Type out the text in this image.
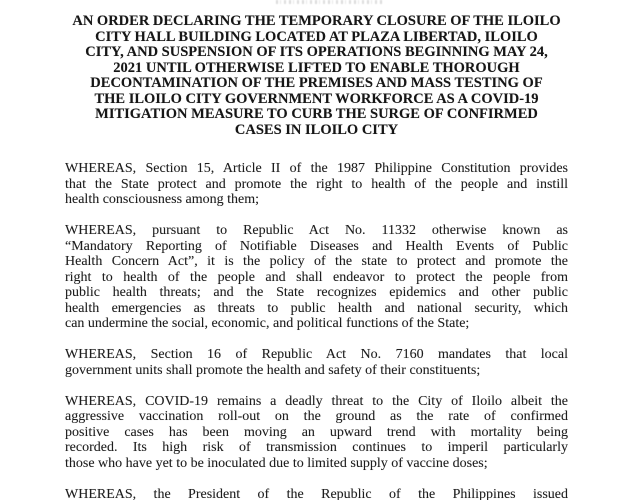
AN ORDER DECLARING THE TEMPORARY CLOSURE OF THE ILOILO
CITY HALL BUILDING LOCATED AT PLAZA LIBERTAD, ILOILO
CITY, AND SUSPENSION OF ITS OPERATIONS BEGINNING MAY 24,
2021 UNTIL OTHERWISE LIFTED TO ENABLE THOROUGH
DECONTAMINATION OF THE PREMISES AND MASS TESTING OF
THE ILOILO CITY GOVERNMENT WORKFORCE AS A COVID-19
MITIGATION MEASURE TO CURB THE SURGE OF CONFIRMED
CASES IN ILOILO CITY
WHEREAS, Section 15, Article II of the 1987 Philippine Constitution provides
that the State protect and promote the right to health of the people and instill
health consciousness among them;
WHEREAS, pursuant to Republic Act No. 11332 otherwise known as
“Mandatory Reporting of Notifiable Diseases and Health Events of Public
Health Concern Act”, it is the policy of the state to protect and promote the
right to health of the people and shall endeavor to protect the people from
public health threats; and the State recognizes epidemics and other public
health emergencies as threats to public health and national security, which
can undermine the social, economic, and political functions of the State;
WHEREAS, Section 16 of Republic Act No. 7160 mandates that local
government units shall promote the health and safety of their constituents;
WHEREAS, COVID-19 remains a deadly threat to the City of Iloilo albeit the
aggressive vaccination roll-out on the ground as the rate of confirmed
positive cases has been moving an upward trend with mortality being
recorded. Its high risk of transmission continues to imperil particularly
those who have yet to be inoculated due to limited supply of vaccine doses;
WHEREAS, the President of the Republic of the Philippines issued
